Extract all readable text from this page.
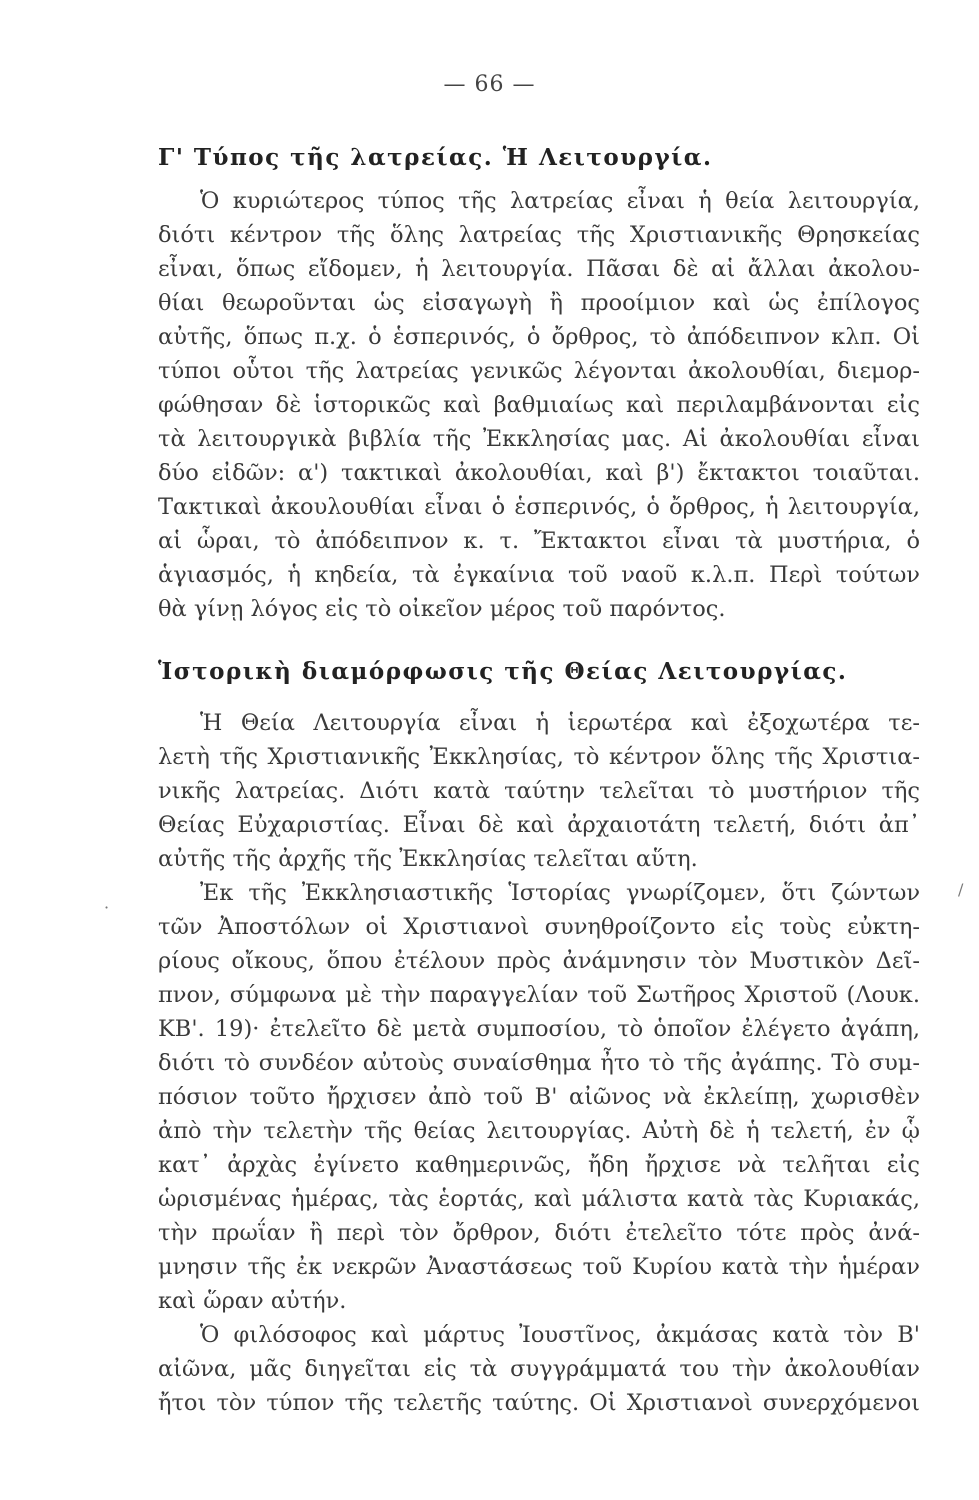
— 66 —
Γ' Τύπος τῆς λατρείας. Ἡ Λειτουργία.
Ὁ κυριώτερος τύπος τῆς λατρείας εἶναι ἡ θεία λειτουργία,
διότι κέντρον τῆς ὅλης λατρείας τῆς Χριστιανικῆς Θρησκείας
εἶναι, ὅπως εἴδομεν, ἡ λειτουργία. Πᾶσαι δὲ αἱ ἄλλαι ἀκολου-
θίαι θεωροῦνται ὡς εἰσαγωγὴ ἢ προοίμιον καὶ ὡς ἐπίλογος
αὐτῆς, ὅπως π.χ. ὁ ἑσπερινός, ὁ ὄρθρος, τὸ ἀπόδειπνον κλπ. Οἱ
τύποι οὗτοι τῆς λατρείας γενικῶς λέγονται ἀκολουθίαι, διεμορ-
φώθησαν δὲ ἱστορικῶς καὶ βαθμιαίως καὶ περιλαμβάνονται εἰς
τὰ λειτουργικὰ βιβλία τῆς Ἐκκλησίας μας. Αἱ ἀκολουθίαι εἶναι
δύο εἰδῶν: α') τακτικαὶ ἀκολουθίαι, καὶ β') ἔκτακτοι τοιαῦται.
Τακτικαὶ ἀκουλουθίαι εἶναι ὁ ἑσπερινός, ὁ ὄρθρος, ἡ λειτουργία,
αἱ ὧραι, τὸ ἀπόδειπνον κ. τ. Ἔκτακτοι εἶναι τὰ μυστήρια, ὁ
ἁγιασμός, ἡ κηδεία, τὰ ἐγκαίνια τοῦ ναοῦ κ.λ.π. Περὶ τούτων
θὰ γίνῃ λόγος εἰς τὸ οἰκεῖον μέρος τοῦ παρόντος.
Ἱστορικὴ διαμόρφωσις τῆς Θείας Λειτουργίας.
Ἡ Θεία Λειτουργία εἶναι ἡ ἱερωτέρα καὶ ἐξοχωτέρα τε-
λετὴ τῆς Χριστιανικῆς Ἐκκλησίας, τὸ κέντρον ὅλης τῆς Χριστια-
νικῆς λατρείας. Διότι κατὰ ταύτην τελεῖται τὸ μυστήριον τῆς
Θείας Εὐχαριστίας. Εἶναι δὲ καὶ ἀρχαιοτάτη τελετή, διότι ἀπ᾽
αὐτῆς τῆς ἀρχῆς τῆς Ἐκκλησίας τελεῖται αὕτη.
Ἐκ τῆς Ἐκκλησιαστικῆς Ἱστορίας γνωρίζομεν, ὅτι ζώντων
τῶν Ἀποστόλων οἱ Χριστιανοὶ συνηθροίζοντο εἰς τοὺς εὐκτη-
ρίους οἴκους, ὅπου ἐτέλουν πρὸς ἀνάμνησιν τὸν Μυστικὸν Δεῖ-
πνον, σύμφωνα μὲ τὴν παραγγελίαν τοῦ Σωτῆρος Χριστοῦ (Λουκ.
ΚΒ'. 19)· ἐτελεῖτο δὲ μετὰ συμποσίου, τὸ ὁποῖον ἐλέγετο ἀγάπη,
διότι τὸ συνδέον αὐτοὺς συναίσθημα ἦτο τὸ τῆς ἀγάπης. Τὸ συμ-
πόσιον τοῦτο ἤρχισεν ἀπὸ τοῦ Β' αἰῶνος νὰ ἐκλείπῃ, χωρισθὲν
ἀπὸ τὴν τελετὴν τῆς θείας λειτουργίας. Αὐτὴ δὲ ἡ τελετή, ἐν ᾧ
κατ᾽ ἀρχὰς ἐγίνετο καθημερινῶς, ἤδη ἤρχισε νὰ τελῆται εἰς
ὡρισμένας ἡμέρας, τὰς ἑορτάς, καὶ μάλιστα κατὰ τὰς Κυριακάς,
τὴν πρωΐαν ἢ περὶ τὸν ὄρθρον, διότι ἐτελεῖτο τότε πρὸς ἀνά-
μνησιν τῆς ἐκ νεκρῶν Ἀναστάσεως τοῦ Κυρίου κατὰ τὴν ἡμέραν
καὶ ὥραν αὐτήν.
Ὁ φιλόσοφος καὶ μάρτυς Ἰουστῖνος, ἀκμάσας κατὰ τὸν Β'
αἰῶνα, μᾶς διηγεῖται εἰς τὰ συγγράμματά του τὴν ἀκολουθίαν
ἤτοι τὸν τύπον τῆς τελετῆς ταύτης. Οἱ Χριστιανοὶ συνερχόμενοι
·
/
